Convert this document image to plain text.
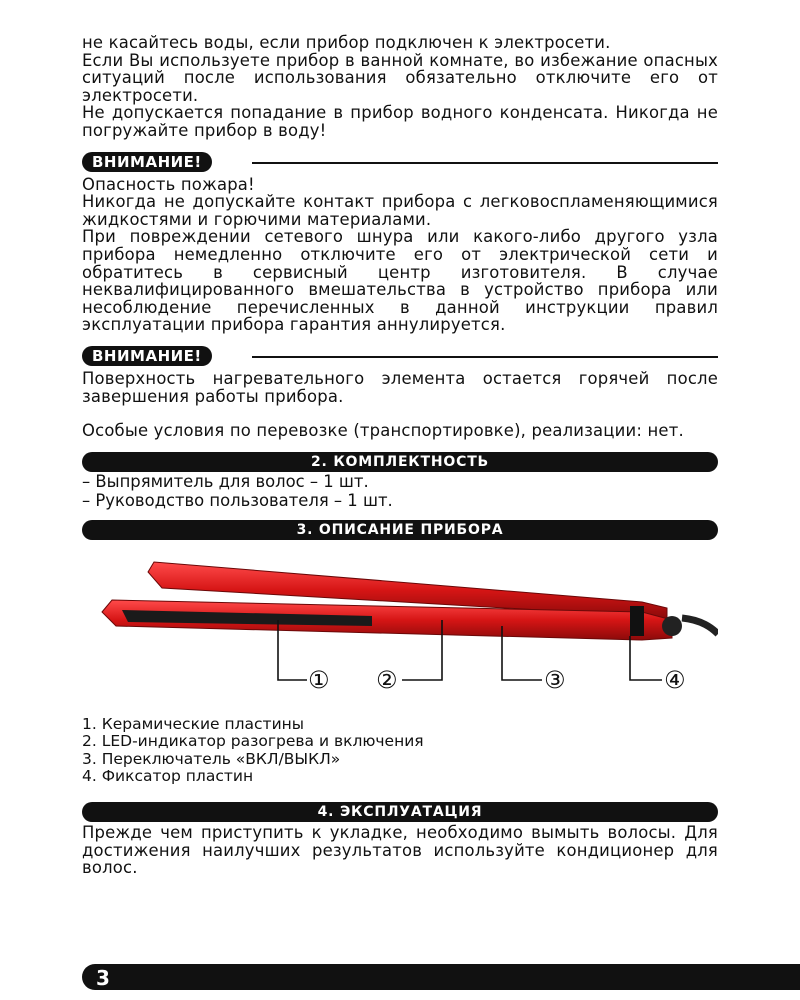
не касайтесь воды, если прибор подключен к электросети.

Если Вы используете прибор в ванной комнате, во избежание опасных ситуаций после использования обязательно отключите его от электросети.

Не допускается попадание в прибор водного конденсата. Никогда не погружайте прибор в воду!

ВНИМАНИЕ!

Опасность пожара!

Никогда не допускайте контакт прибора с легковоспламеняющимися жидкостями и горючими материалами.

При повреждении сетевого шнура или какого-либо другого узла прибора немедленно отключите его от электрической сети и обратитесь в сервисный центр изготовителя. В случае неквалифицированного вмешательства в устройство прибора или несоблюдение перечисленных в данной инструкции правил эксплуатации прибора гарантия аннулируется.

ВНИМАНИЕ!

Поверхность нагревательного элемента остается горячей после завершения работы прибора.

Особые условия по перевозке (транспортировке), реализации: нет.

2. КОМПЛЕКТНОСТЬ

– Выпрямитель для волос – 1 шт.

– Руководство пользователя – 1 шт.

3. ОПИСАНИЕ ПРИБОРА
① ②	③	④

1. Керамические пластины

2. LED-индикатор разогрева и включения

3. Переключатель «ВКЛ/ВЫКЛ»

4. Фиксатор пластин

4. ЭКСПЛУАТАЦИЯ

Прежде чем приступить к укладке, необходимо вымыть волосы. Для достижения наилучших результатов используйте кондиционер для волос.

3
